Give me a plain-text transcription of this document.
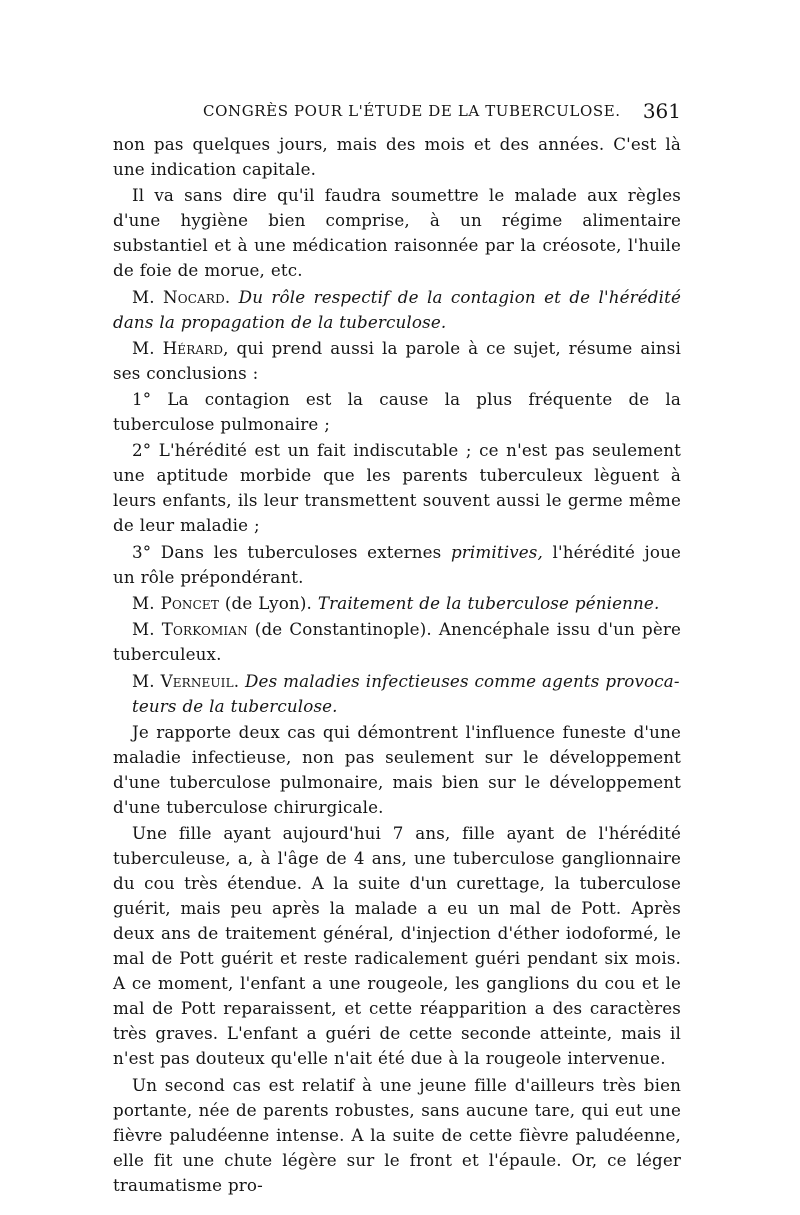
CONGRÈS POUR L'ÉTUDE DE LA TUBERCULOSE. 361

non pas quelques jours, mais des mois et des années. C'est là une indication capitale.

Il va sans dire qu'il faudra soumettre le malade aux règles d'une hygiène bien comprise, à un régime alimentaire substantiel et à une médication raisonnée par la créosote, l'huile de foie de morue, etc.

M. Nocard. Du rôle respectif de la contagion et de l'hérédité dans la propagation de la tuberculose.

M. Hérard, qui prend aussi la parole à ce sujet, résume ainsi ses conclusions :

1° La contagion est la cause la plus fréquente de la tuberculose pulmonaire ;

2° L'hérédité est un fait indiscutable ; ce n'est pas seulement une aptitude morbide que les parents tuberculeux lèguent à leurs enfants, ils leur transmettent souvent aussi le germe même de leur maladie ;

3° Dans les tuberculoses externes primitives, l'hérédité joue un rôle prépondérant.

M. Poncet (de Lyon). Traitement de la tuberculose pénienne.

M. Torkomian (de Constantinople). Anencéphale issu d'un père tuberculeux.

M. Verneuil. Des maladies infectieuses comme agents provoca-
teurs de la tuberculose.

Je rapporte deux cas qui démontrent l'influence funeste d'une maladie infectieuse, non pas seulement sur le développement d'une tuberculose pulmonaire, mais bien sur le développement d'une tuberculose chirurgicale.

Une fille ayant aujourd'hui 7 ans, fille ayant de l'hérédité tuberculeuse, a, à l'âge de 4 ans, une tuberculose ganglionnaire du cou très étendue. A la suite d'un curettage, la tuberculose guérit, mais peu après la malade a eu un mal de Pott. Après deux ans de traitement général, d'injection d'éther iodoformé, le mal de Pott guérit et reste radicalement guéri pendant six mois. A ce moment, l'enfant a une rougeole, les ganglions du cou et le mal de Pott reparaissent, et cette réapparition a des caractères très graves. L'enfant a guéri de cette seconde atteinte, mais il n'est pas douteux qu'elle n'ait été due à la rougeole intervenue.

Un second cas est relatif à une jeune fille d'ailleurs très bien portante, née de parents robustes, sans aucune tare, qui eut une fièvre paludéenne intense. A la suite de cette fièvre paludéenne, elle fit une chute légère sur le front et l'épaule. Or, ce léger traumatisme pro-
